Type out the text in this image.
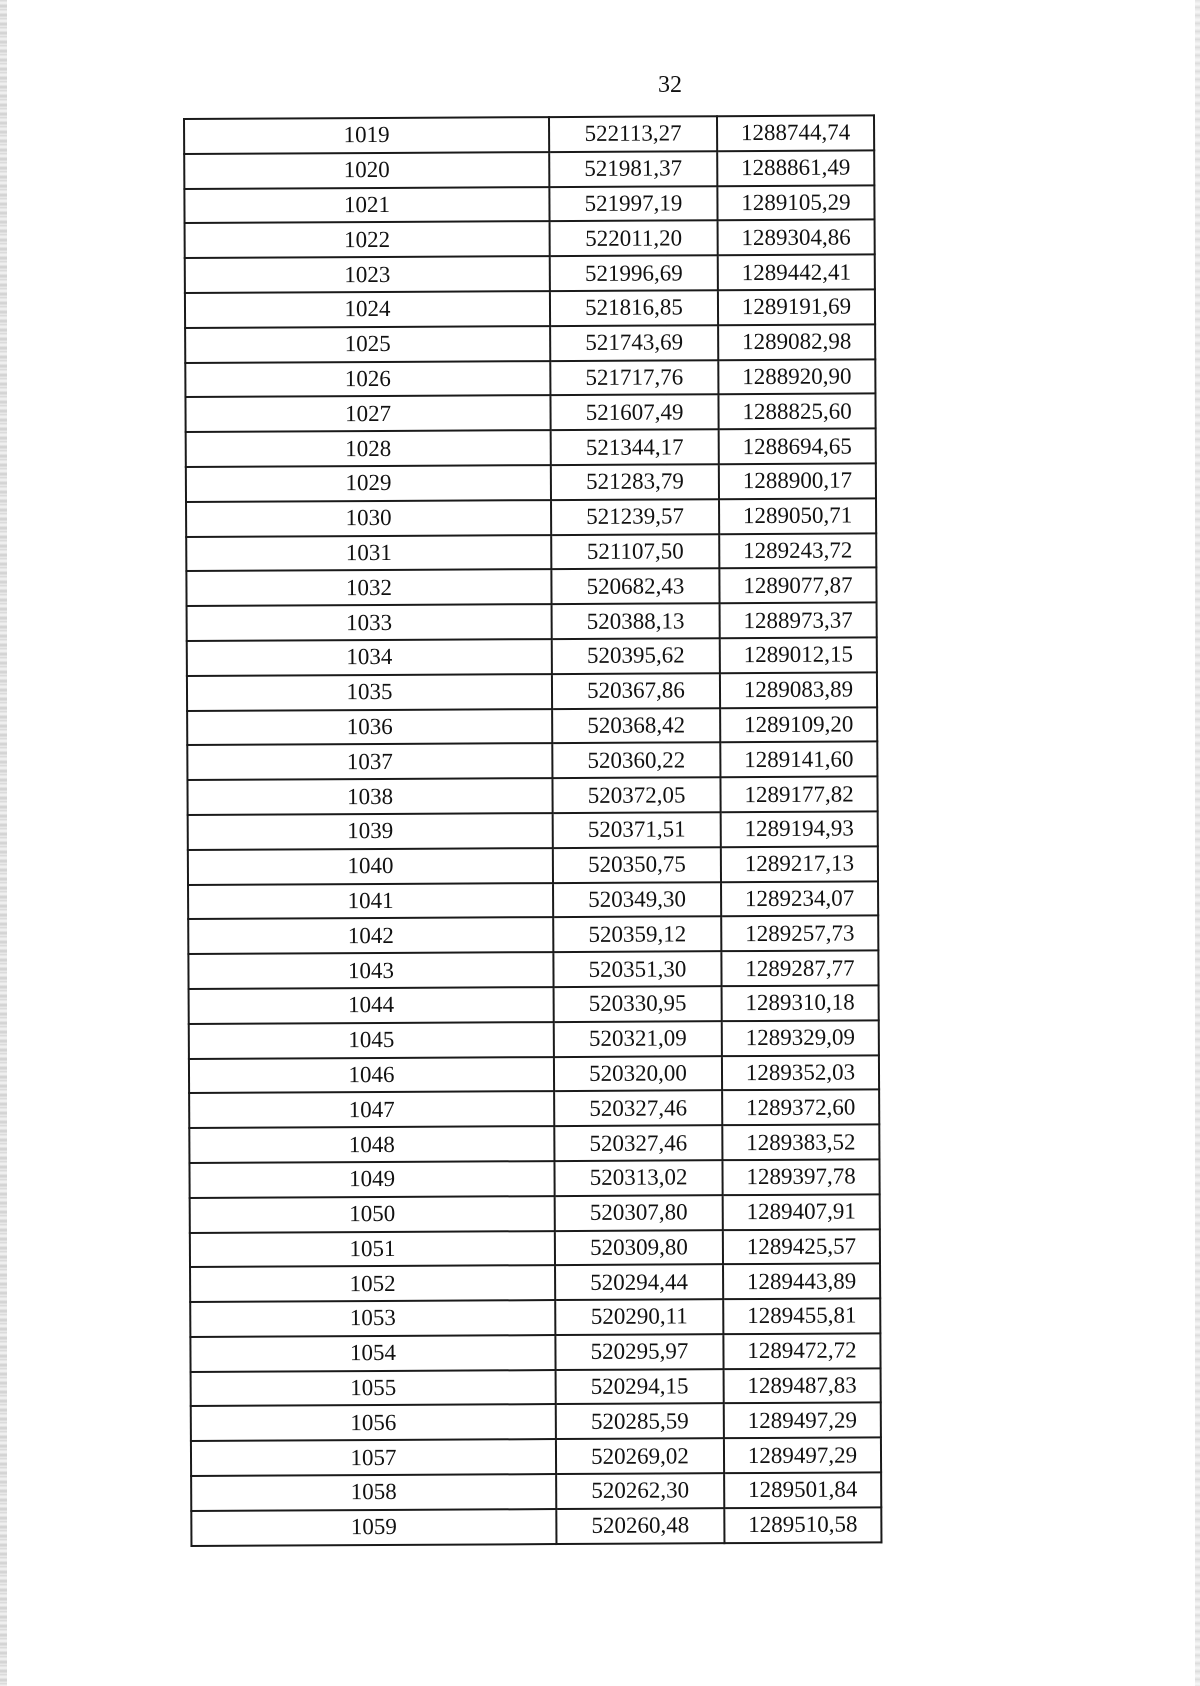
32
1019	522113,27	1288744,74
1020	521981,37	1288861,49
1021	521997,19	1289105,29
1022	522011,20	1289304,86
1023	521996,69	1289442,41
1024	521816,85	1289191,69
1025	521743,69	1289082,98
1026	521717,76	1288920,90
1027	521607,49	1288825,60
1028	521344,17	1288694,65
1029	521283,79	1288900,17
1030	521239,57	1289050,71
1031	521107,50	1289243,72
1032	520682,43	1289077,87
1033	520388,13	1288973,37
1034	520395,62	1289012,15
1035	520367,86	1289083,89
1036	520368,42	1289109,20
1037	520360,22	1289141,60
1038	520372,05	1289177,82
1039	520371,51	1289194,93
1040	520350,75	1289217,13
1041	520349,30	1289234,07
1042	520359,12	1289257,73
1043	520351,30	1289287,77
1044	520330,95	1289310,18
1045	520321,09	1289329,09
1046	520320,00	1289352,03
1047	520327,46	1289372,60
1048	520327,46	1289383,52
1049	520313,02	1289397,78
1050	520307,80	1289407,91
1051	520309,80	1289425,57
1052	520294,44	1289443,89
1053	520290,11	1289455,81
1054	520295,97	1289472,72
1055	520294,15	1289487,83
1056	520285,59	1289497,29
1057	520269,02	1289497,29
1058	520262,30	1289501,84
1059	520260,48	1289510,58
